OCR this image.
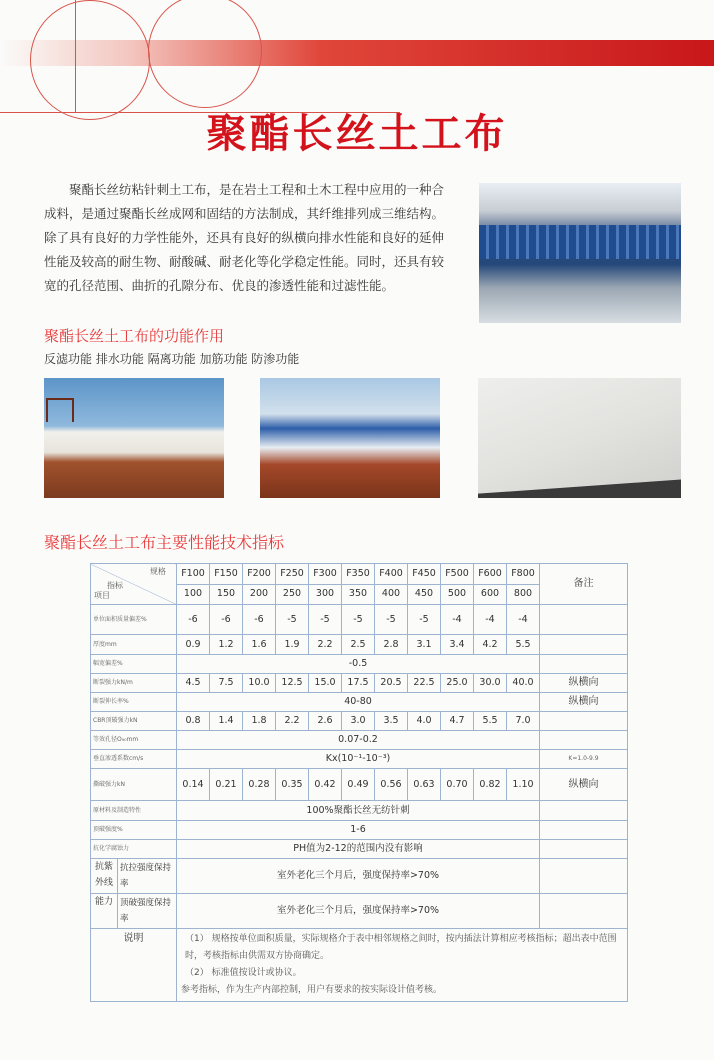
聚酯长丝土工布
聚酯长丝纺粘针刺土工布，是在岩土工程和土木工程中应用的一种合成料，是通过聚酯长丝成网和固结的方法制成，其纤维排列成三维结构。除了具有良好的力学性能外，还具有良好的纵横向排水性能和良好的延伸性能及较高的耐生物、耐酸碱、耐老化等化学稳定性能。同时，还具有较宽的孔径范围、曲折的孔隙分布、优良的渗透性能和过滤性能。
聚酯长丝土工布的功能作用
反滤功能 排水功能 隔离功能 加筋功能 防渗功能
聚酯长丝土工布主要性能技术指标
规格
指标
项目	F100	F150	F200	F250	F300	F350	F400	F450	F500	F600	F800	备注
	100	150	200	250	300	350	400	450	500	600	800	
单位面积质量偏差%	-6	-6	-6	-5	-5	-5	-5	-5	-4	-4	-4	
厚度mm	0.9	1.2	1.6	1.9	2.2	2.5	2.8	3.1	3.4	4.2	5.5	
幅宽偏差%	-0.5											
断裂强力kN/m	4.5	7.5	10.0	12.5	15.0	17.5	20.5	22.5	25.0	30.0	40.0	纵横向
断裂伸长率%	40-80											纵横向
CBR顶破强力kN	0.8	1.4	1.8	2.2	2.6	3.0	3.5	4.0	4.7	5.5	7.0	
等效孔径O₉₀mm	0.07-0.2											
垂直渗透系数cm/s	Kx(10⁻¹-10⁻³)											K=1.0-9.9
撕破强力kN	0.14	0.21	0.28	0.35	0.42	0.49	0.56	0.63	0.70	0.82	1.10	纵横向
原材料及制造特性	100%聚酯长丝无纺针刺											
顶破强度%	1-6											
抗化学腐蚀力	PH值为2-12的范围内没有影响											

抗紫外线
抗拉强度保持率	室外老化三个月后，强度保持率>70%											

能力 顶破强度保持率	室外老化三个月后，强度保持率>70%											
说明	（1） 规格按单位面积质量，实际规格介于表中相邻规格之间时，按内插法计算相应考核指标；超出表中范围时，考核指标由供需双方协商确定。
（2） 标准值按设计或协议。
参考指标，作为生产内部控制，用户有要求的按实际设计值考核。											
